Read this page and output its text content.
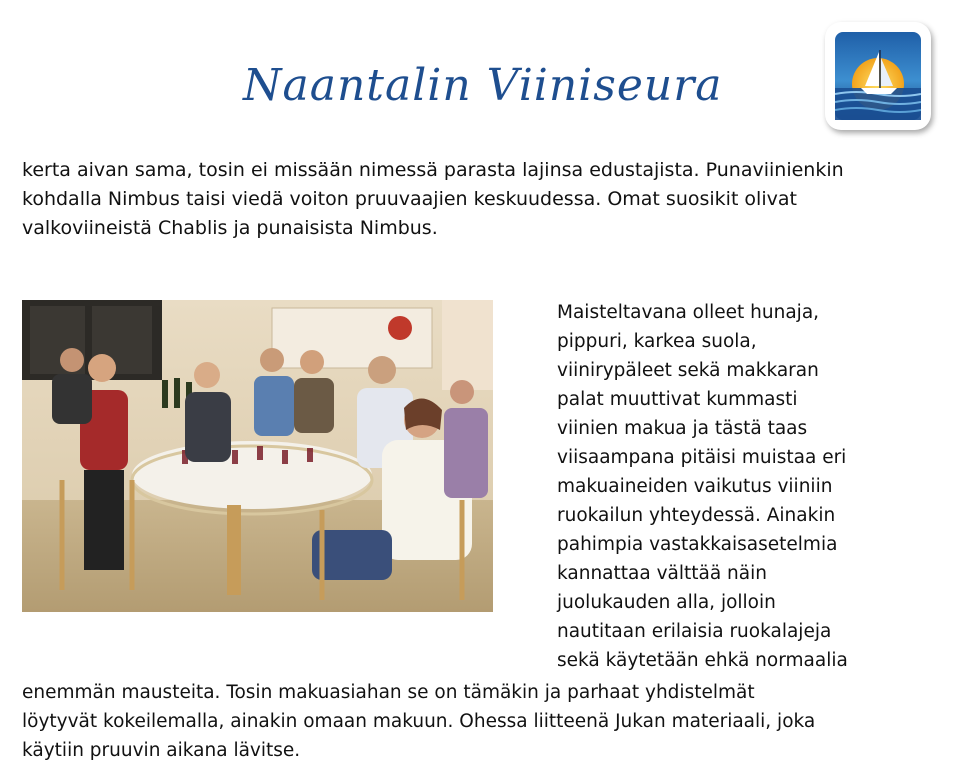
Naantalin Viiniseura

kerta aivan sama, tosin ei missään nimessä parasta lajinsa edustajista. Punaviinienkin
kohdalla Nimbus taisi viedä voiton pruuvaajien keskuudessa. Omat suosikit olivat
valkoviineistä Chablis ja punaisista Nimbus.

Maisteltavana olleet hunaja,
pippuri, karkea suola,
viinirypäleet sekä makkaran
palat muuttivat kummasti
viinien makua ja tästä taas
viisaampana pitäisi muistaa eri
makuaineiden vaikutus viiniin
ruokailun yhteydessä. Ainakin
pahimpia vastakkaisasetelmia
kannattaa välttää näin
juolukauden alla, jolloin
nautitaan erilaisia ruokalajeja
sekä käytetään ehkä normaalia

enemmän mausteita. Tosin makuasiahan se on tämäkin ja parhaat yhdistelmät
löytyvät kokeilemalla, ainakin omaan makuun. Ohessa liitteenä Jukan materiaali, joka
käytiin pruuvin aikana lävitse.
